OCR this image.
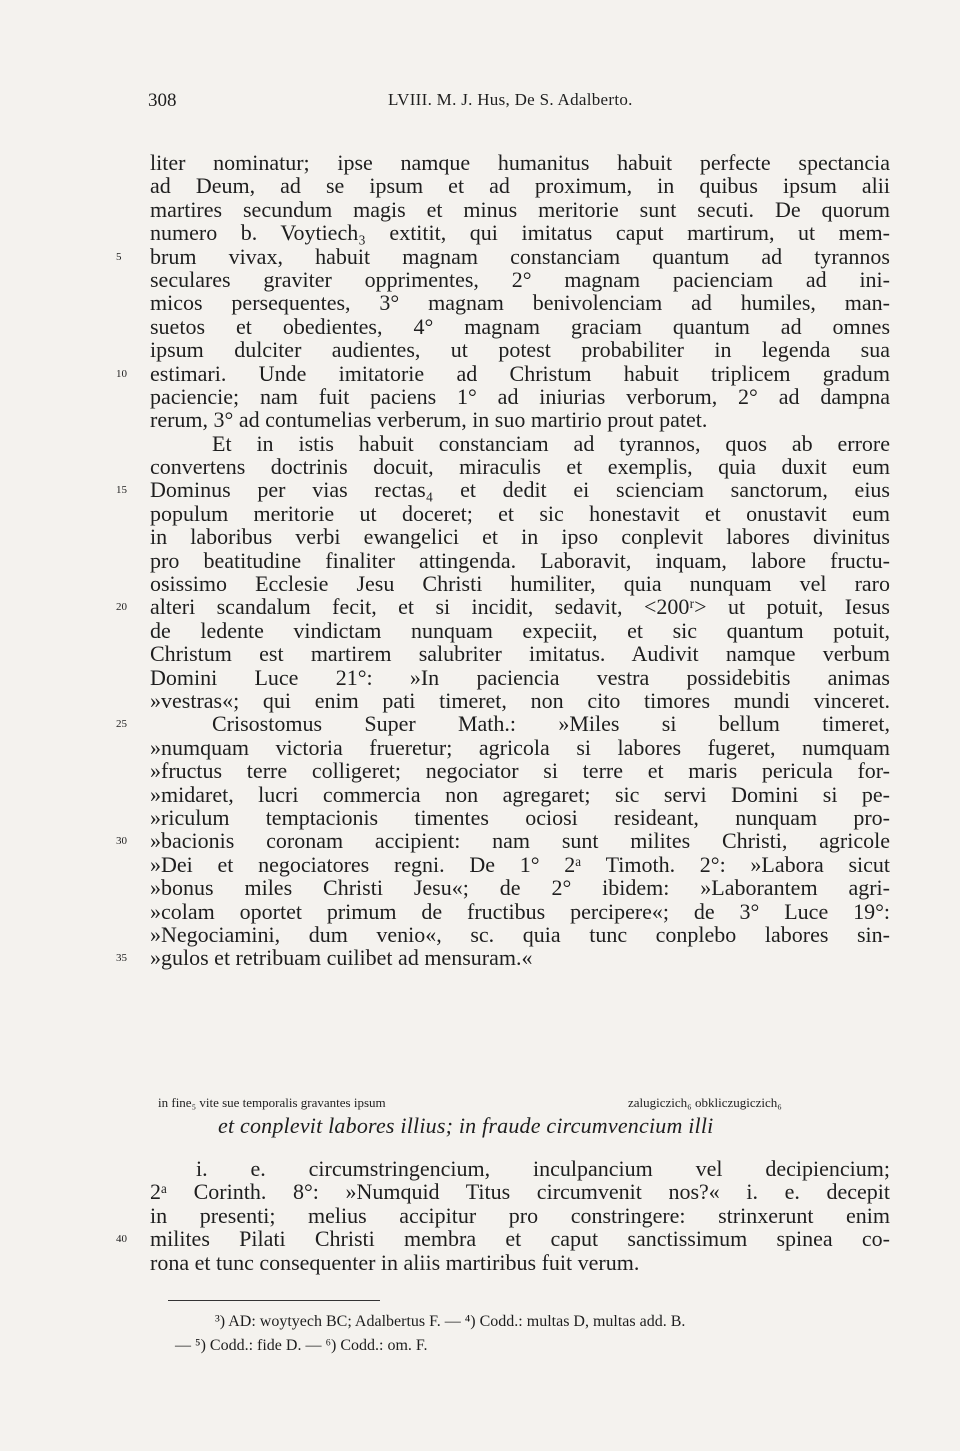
308	LVIII. M. J. Hus, De S. Adalberto.
liter nominatur; ipse namque humanitus habuit perfecte spectancia
ad Deum, ad se ipsum et ad proximum, in quibus ipsum alii
martires secundum magis et minus meritorie sunt secuti. De quorum
numero b. Voytiech₃ extitit, qui imitatus caput martirum, ut mem-
5	brum vivax, habuit magnam constanciam quantum ad tyrannos
seculares graviter opprimentes, 2° magnam pacienciam ad ini-
micos persequentes, 3° magnam benivolenciam ad humiles, man-
suetos et obedientes, 4° magnam graciam quantum ad omnes
ipsum dulciter audientes, ut potest probabiliter in legenda sua
10	estimari. Unde imitatorie ad Christum habuit triplicem gradum
paciencie; nam fuit paciens 1° ad iniurias verborum, 2° ad dampna
rerum, 3° ad contumelias verberum, in suo martirio prout patet.
Et in istis habuit constanciam ad tyrannos, quos ab errore
convertens doctrinis docuit, miraculis et exemplis, quia duxit eum
15	Dominus per vias rectas₄ et dedit ei scienciam sanctorum, eius
populum meritorie ut doceret; et sic honestavit et onustavit eum
in laboribus verbi ewangelici et in ipso conplevit labores divinitus
pro beatitudine finaliter attingenda. Laboravit, inquam, labore fructu-
osissimo Ecclesie Jesu Christi humiliter, quia nunquam vel raro
20	alteri scandalum fecit, et si incidit, sedavit, <200ʳ> ut potuit, Iesus
de ledente vindictam nunquam expeciit, et sic quantum potuit,
Christum est martirem salubriter imitatus. Audivit namque verbum
Domini Luce 21°: »In paciencia vestra possidebitis animas
»vestras«; qui enim pati timeret, non cito timores mundi vinceret.
25	Crisostomus Super Math.: »Miles si bellum timeret,
»numquam victoria frueretur; agricola si labores fugeret, numquam
»fructus terre colligeret; negociator si terre et maris pericula for-
»midaret, lucri commercia non agregaret; sic servi Domini si pe-
»riculum temptacionis timentes ociosi resideant, nunquam pro-
30	»bacionis coronam accipient: nam sunt milites Christi, agricole
»Dei et negociatores regni. De 1° 2ᵃ Timoth. 2°: »Labora sicut
»bonus miles Christi Jesu«; de 2° ibidem: »Laborantem agri-
»colam oportet primum de fructibus percipere«; de 3° Luce 19°:
»Negociamini, dum venio«, sc. quia tunc conplebo labores sin-
35	»gulos et retribuam cuilibet ad mensuram.«
in fine₅ vite sue temporalis gravantes ipsum	zalugiczich₆ obkliczugiczich₆
et conplevit labores illius; in fraude circumvencium illi
i. e. circumstringencium, inculpancium vel decipiencium;
2ᵃ Corinth. 8°: »Numquid Titus circumvenit nos?« i. e. decepit
in presenti; melius accipitur pro constringere: strinxerunt enim
40	milites Pilati Christi membra et caput sanctissimum spinea co-
rona et tunc consequenter in aliis martiribus fuit verum.
³) AD: woytyech BC; Adalbertus F. — ⁴) Codd.: multas D, multas add. B.
— ⁵) Codd.: fide D. — ⁶) Codd.: om. F.
